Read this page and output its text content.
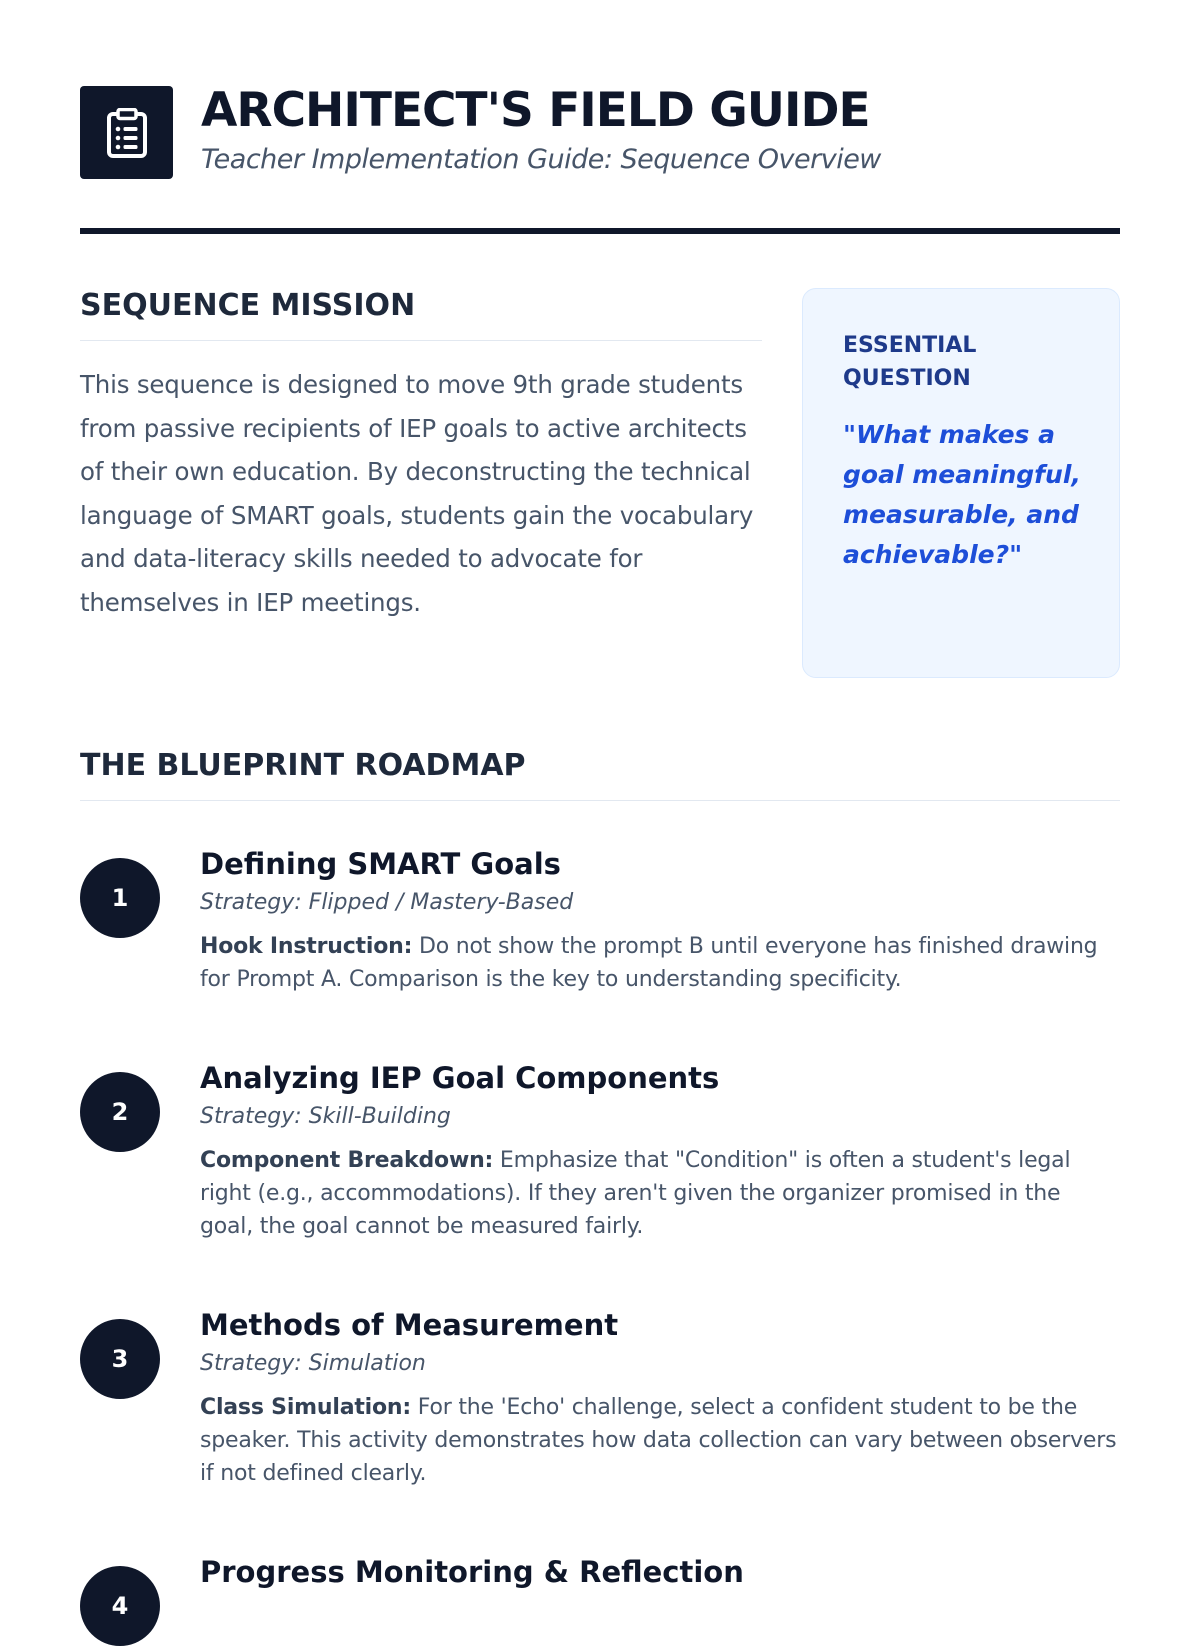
ARCHITECT'S FIELD GUIDE
Teacher Implementation Guide: Sequence Overview
SEQUENCE MISSION
This sequence is designed to move 9th grade students from passive recipients of IEP goals to active architects of their own education. By deconstructing the technical language of SMART goals, students gain the vocabulary and data-literacy skills needed to advocate for themselves in IEP meetings.
ESSENTIAL QUESTION
"What makes a goal meaningful, measurable, and achievable?"
THE BLUEPRINT ROADMAP
1
Defining SMART Goals
Strategy: Flipped / Mastery-Based
Hook Instruction: Do not show the prompt B until everyone has finished drawing for Prompt A. Comparison is the key to understanding specificity.
2
Analyzing IEP Goal Components
Strategy: Skill-Building
Component Breakdown: Emphasize that "Condition" is often a student's legal right (e.g., accommodations). If they aren't given the organizer promised in the goal, the goal cannot be measured fairly.
3
Methods of Measurement
Strategy: Simulation
Class Simulation: For the 'Echo' challenge, select a confident student to be the speaker. This activity demonstrates how data collection can vary between observers if not defined clearly.
4
Progress Monitoring & Reflection
